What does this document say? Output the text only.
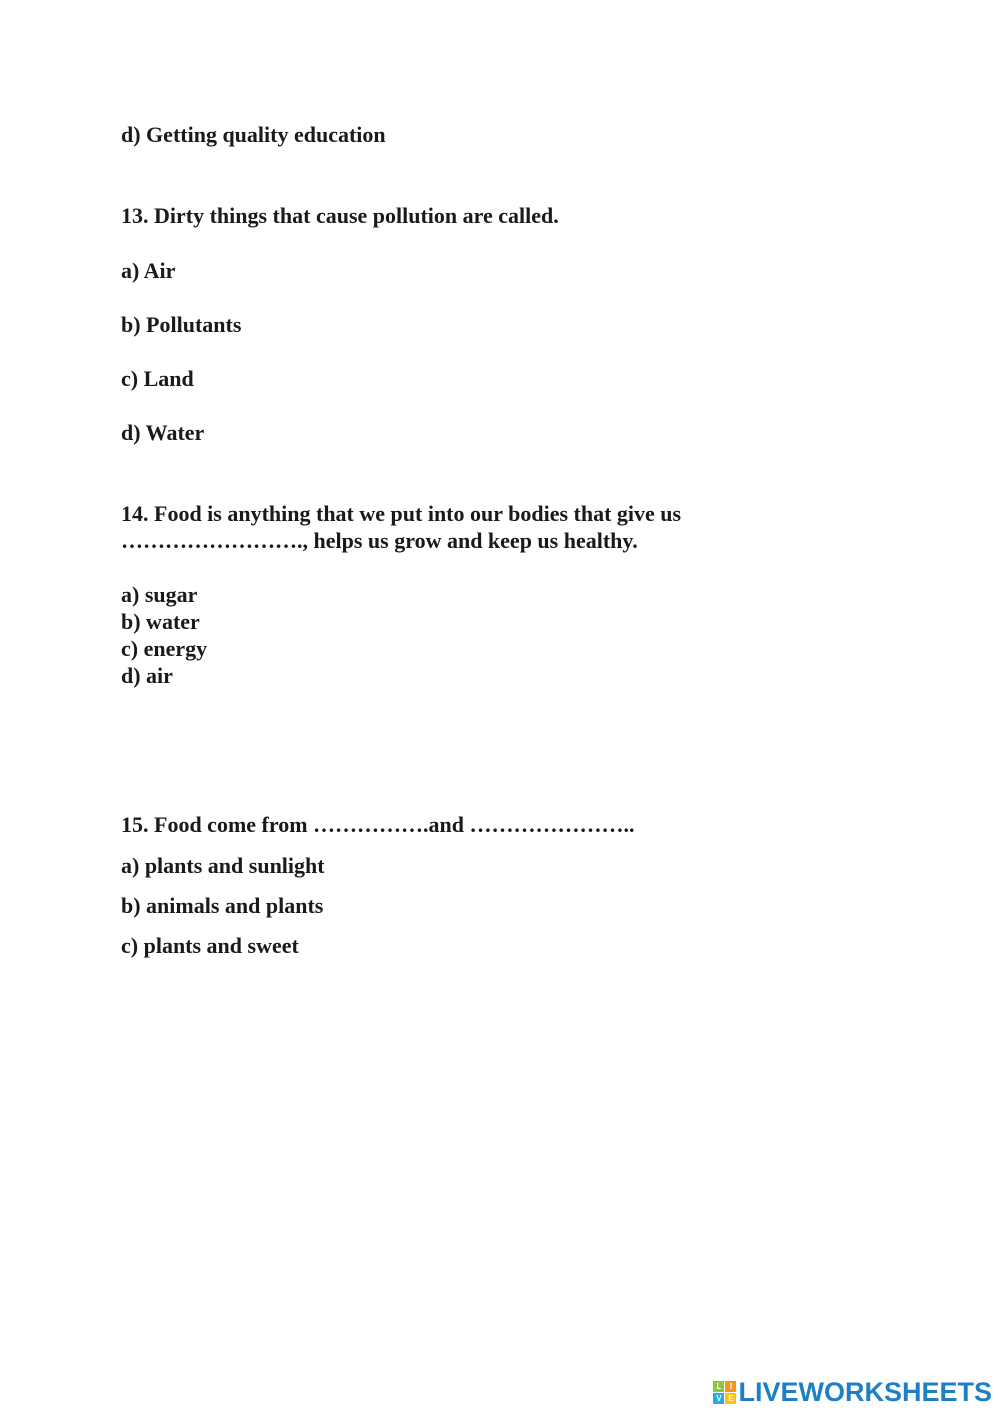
d) Getting quality education

13. Dirty things that cause pollution are called.

a) Air

b) Pollutants

c) Land

d) Water

14. Food is anything that we put into our bodies that give us

……………………., helps us grow and keep us healthy.

a) sugar

b) water

c) energy

d) air

15. Food come from …………….and …………………..

a) plants and sunlight

b) animals and plants

c) plants and sweet

L	I
V E LIVEWORKSHEETS
